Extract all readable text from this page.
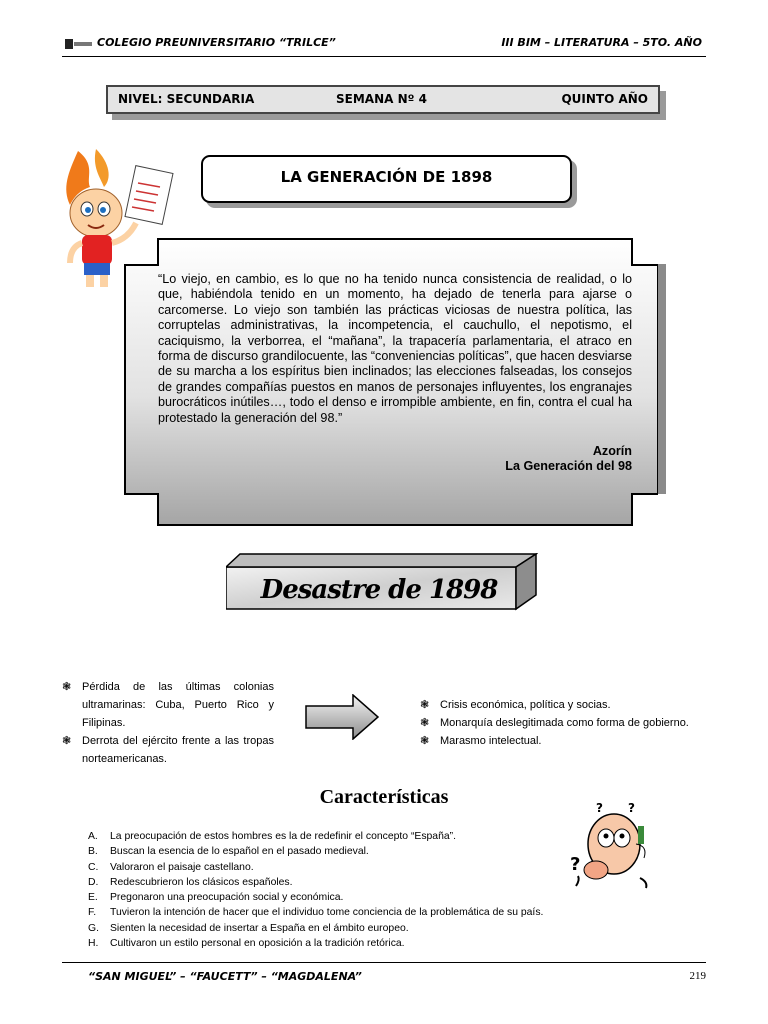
COLEGIO PREUNIVERSITARIO “TRILCE”	III BIM – LITERATURA – 5TO. AÑO
NIVEL: SECUNDARIA	SEMANA Nº 4	QUINTO AÑO
LA GENERACIÓN DE 1898
“Lo viejo, en cambio, es lo que no ha tenido nunca consistencia de realidad, o lo que, habiéndola tenido en un momento, ha dejado de tenerla para ajarse o carcomerse. Lo viejo son también las prácticas viciosas de nuestra política, las corruptelas administrativas, la incompetencia, el cauchullo, el nepotismo, el caciquismo, la verborrea, el “mañana”, la trapacería parlamentaria, el atraco en forma de discurso grandilocuente, las “conveniencias políticas”, que hacen desviarse de su marcha a los espíritus bien inclinados; las elecciones falseadas, los consejos de grandes compañías puestos en manos de personajes influyentes, los engranajes burocráticos inútiles…, todo el denso e irrompible ambiente, en fin, contra el cual ha protestado la generación del 98.”
Azorín
La Generación del 98
Desastre de 1898
❃ Pérdida de las últimas colonias ultramarinas: Cuba, Puerto Rico y Filipinas.
❃ Derrota del ejército frente a las tropas norteamericanas.
❃ Crisis económica, política y socias.
❃ Monarquía deslegitimada como forma de gobierno.
❃ Marasmo intelectual.
Características
A. La preocupación de estos hombres es la de redefinir el concepto “España”.
B. Buscan la esencia de lo español en el pasado medieval.
C. Valoraron el paisaje castellano.
D. Redescubrieron los clásicos españoles.
E. Pregonaron una preocupación social y económica.
F. Tuvieron la intención de hacer que el individuo tome conciencia de la problemática de su país.
G. Sienten la necesidad de insertar a España en el ámbito europeo.
H. Cultivaron un estilo personal en oposición a la tradición retórica.
?
? ?
“SAN MIGUEL” – “FAUCETT” – “MAGDALENA”	219
